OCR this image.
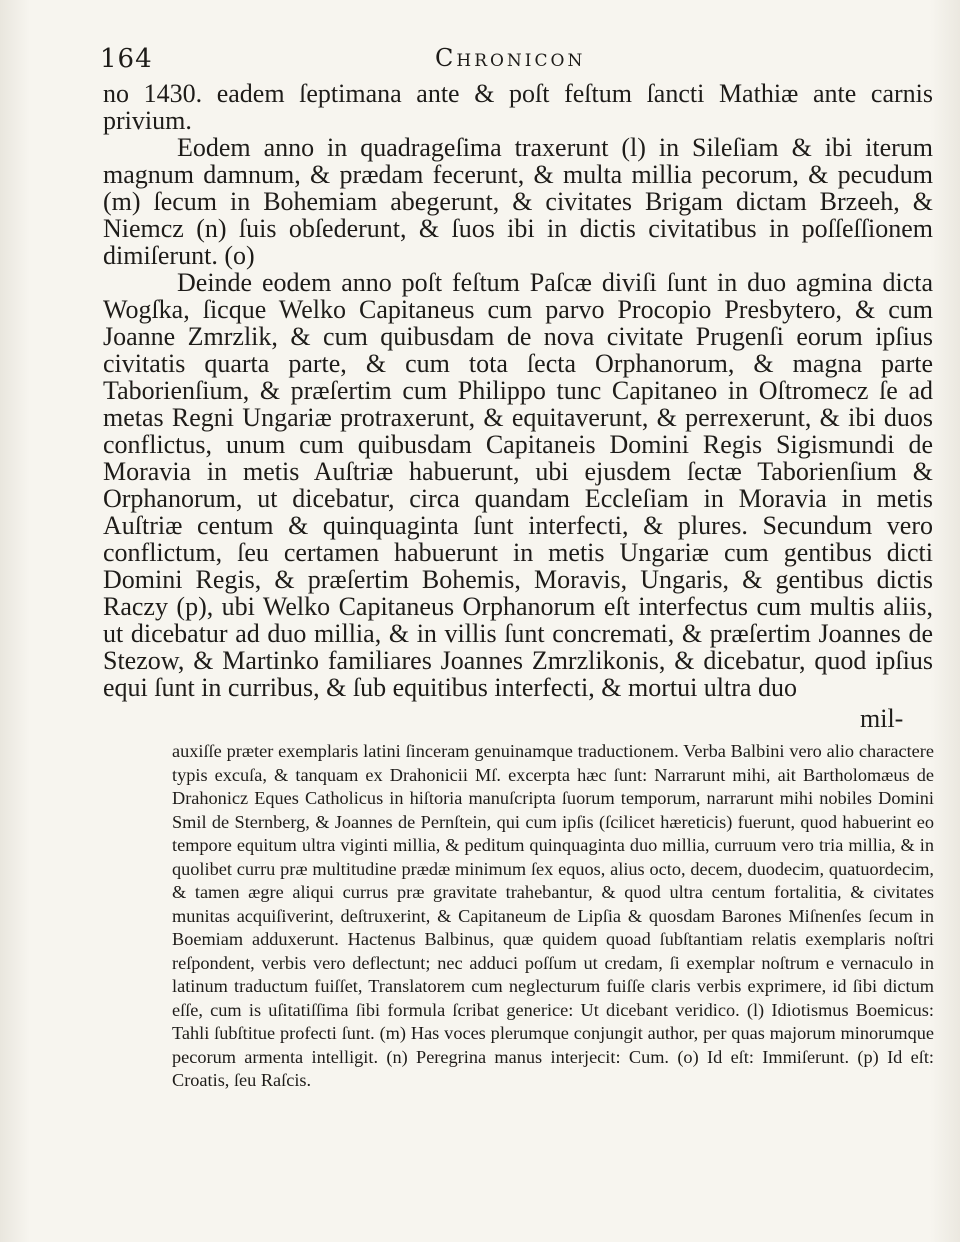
164	Chronicon

no 1430. eadem ſeptimana ante & poſt feſtum ſancti Mathiæ ante carnis privium.

Eodem anno in quadrageſima traxerunt (l) in Sileſiam & ibi iterum magnum damnum, & prædam fecerunt, & multa millia pecorum, & pecudum (m) ſecum in Bohemiam abegerunt, & civitates Brigam dictam Brzeeh, & Niemcz (n) ſuis obſederunt, & ſuos ibi in dictis civitatibus in poſſeſſionem dimiſerunt. (o)

Deinde eodem anno poſt feſtum Paſcæ diviſi ſunt in duo agmina dicta Wogſka, ſicque Welko Capitaneus cum parvo Procopio Presbytero, & cum Joanne Zmrzlik, & cum quibusdam de nova civitate Prugenſi eorum ipſius civitatis quarta parte, & cum tota ſecta Orphanorum, & magna parte Taborienſium, & præſertim cum Philippo tunc Capitaneo in Oſtromecz ſe ad metas Regni Ungariæ protraxerunt, & equitaverunt, & perrexerunt, & ibi duos conflictus, unum cum quibusdam Capitaneis Domini Regis Sigismundi de Moravia in metis Auſtriæ habuerunt, ubi ejusdem ſectæ Taborienſium & Orphanorum, ut dicebatur, circa quandam Eccleſiam in Moravia in metis Auſtriæ centum & quinquaginta ſunt interfecti, & plures. Secundum vero conflictum, ſeu certamen habuerunt in metis Ungariæ cum gentibus dicti Domini Regis, & præſertim Bohemis, Moravis, Ungaris, & gentibus dictis Raczy (p), ubi Welko Capitaneus Orphanorum eſt interfectus cum multis aliis, ut dicebatur ad duo millia, & in villis ſunt concremati, & præſertim Joannes de Stezow, & Martinko familiares Joannes Zmrzlikonis, & dicebatur, quod ipſius equi ſunt in curribus, & ſub equitibus interfecti, & mortui ultra duo

mil-

auxiſſe præter exemplaris latini ſinceram genuinamque traductionem. Verba Balbini vero alio charactere typis excuſa, & tanquam ex Drahonicii Mſ. excerpta hæc ſunt: Narrarunt mihi, ait Bartholomæus de Drahonicz Eques Catholicus in hiſtoria manuſcripta ſuorum temporum, narrarunt mihi nobiles Domini Smil de Sternberg, & Joannes de Pernſtein, qui cum ipſis (ſcilicet hæreticis) fuerunt, quod habuerint eo tempore equitum ultra viginti millia, & peditum quinquaginta duo millia, curruum vero tria millia, & in quolibet curru præ multitudine prædæ minimum ſex equos, alius octo, decem, duodecim, quatuordecim, & tamen ægre aliqui currus præ gravitate trahebantur, & quod ultra centum fortalitia, & civitates munitas acquiſiverint, deſtruxerint, & Capitaneum de Lipſia & quosdam Barones Miſnenſes ſecum in Boemiam adduxerunt. Hactenus Balbinus, quæ quidem quoad ſubſtantiam relatis exemplaris noſtri reſpondent, verbis vero deflectunt; nec adduci poſſum ut credam, ſi exemplar noſtrum e vernaculo in latinum traductum fuiſſet, Translatorem cum neglecturum fuiſſe claris verbis exprimere, id ſibi dictum eſſe, cum is uſitatiſſima ſibi formula ſcribat generice: Ut dicebant veridico. (l) Idiotismus Boemicus: Tahli ſubſtitue profecti ſunt. (m) Has voces plerumque conjungit author, per quas majorum minorumque pecorum armenta intelligit. (n) Peregrina manus interjecit: Cum. (o) Id eſt: Immiſerunt. (p) Id eſt: Croatis, ſeu Raſcis.
